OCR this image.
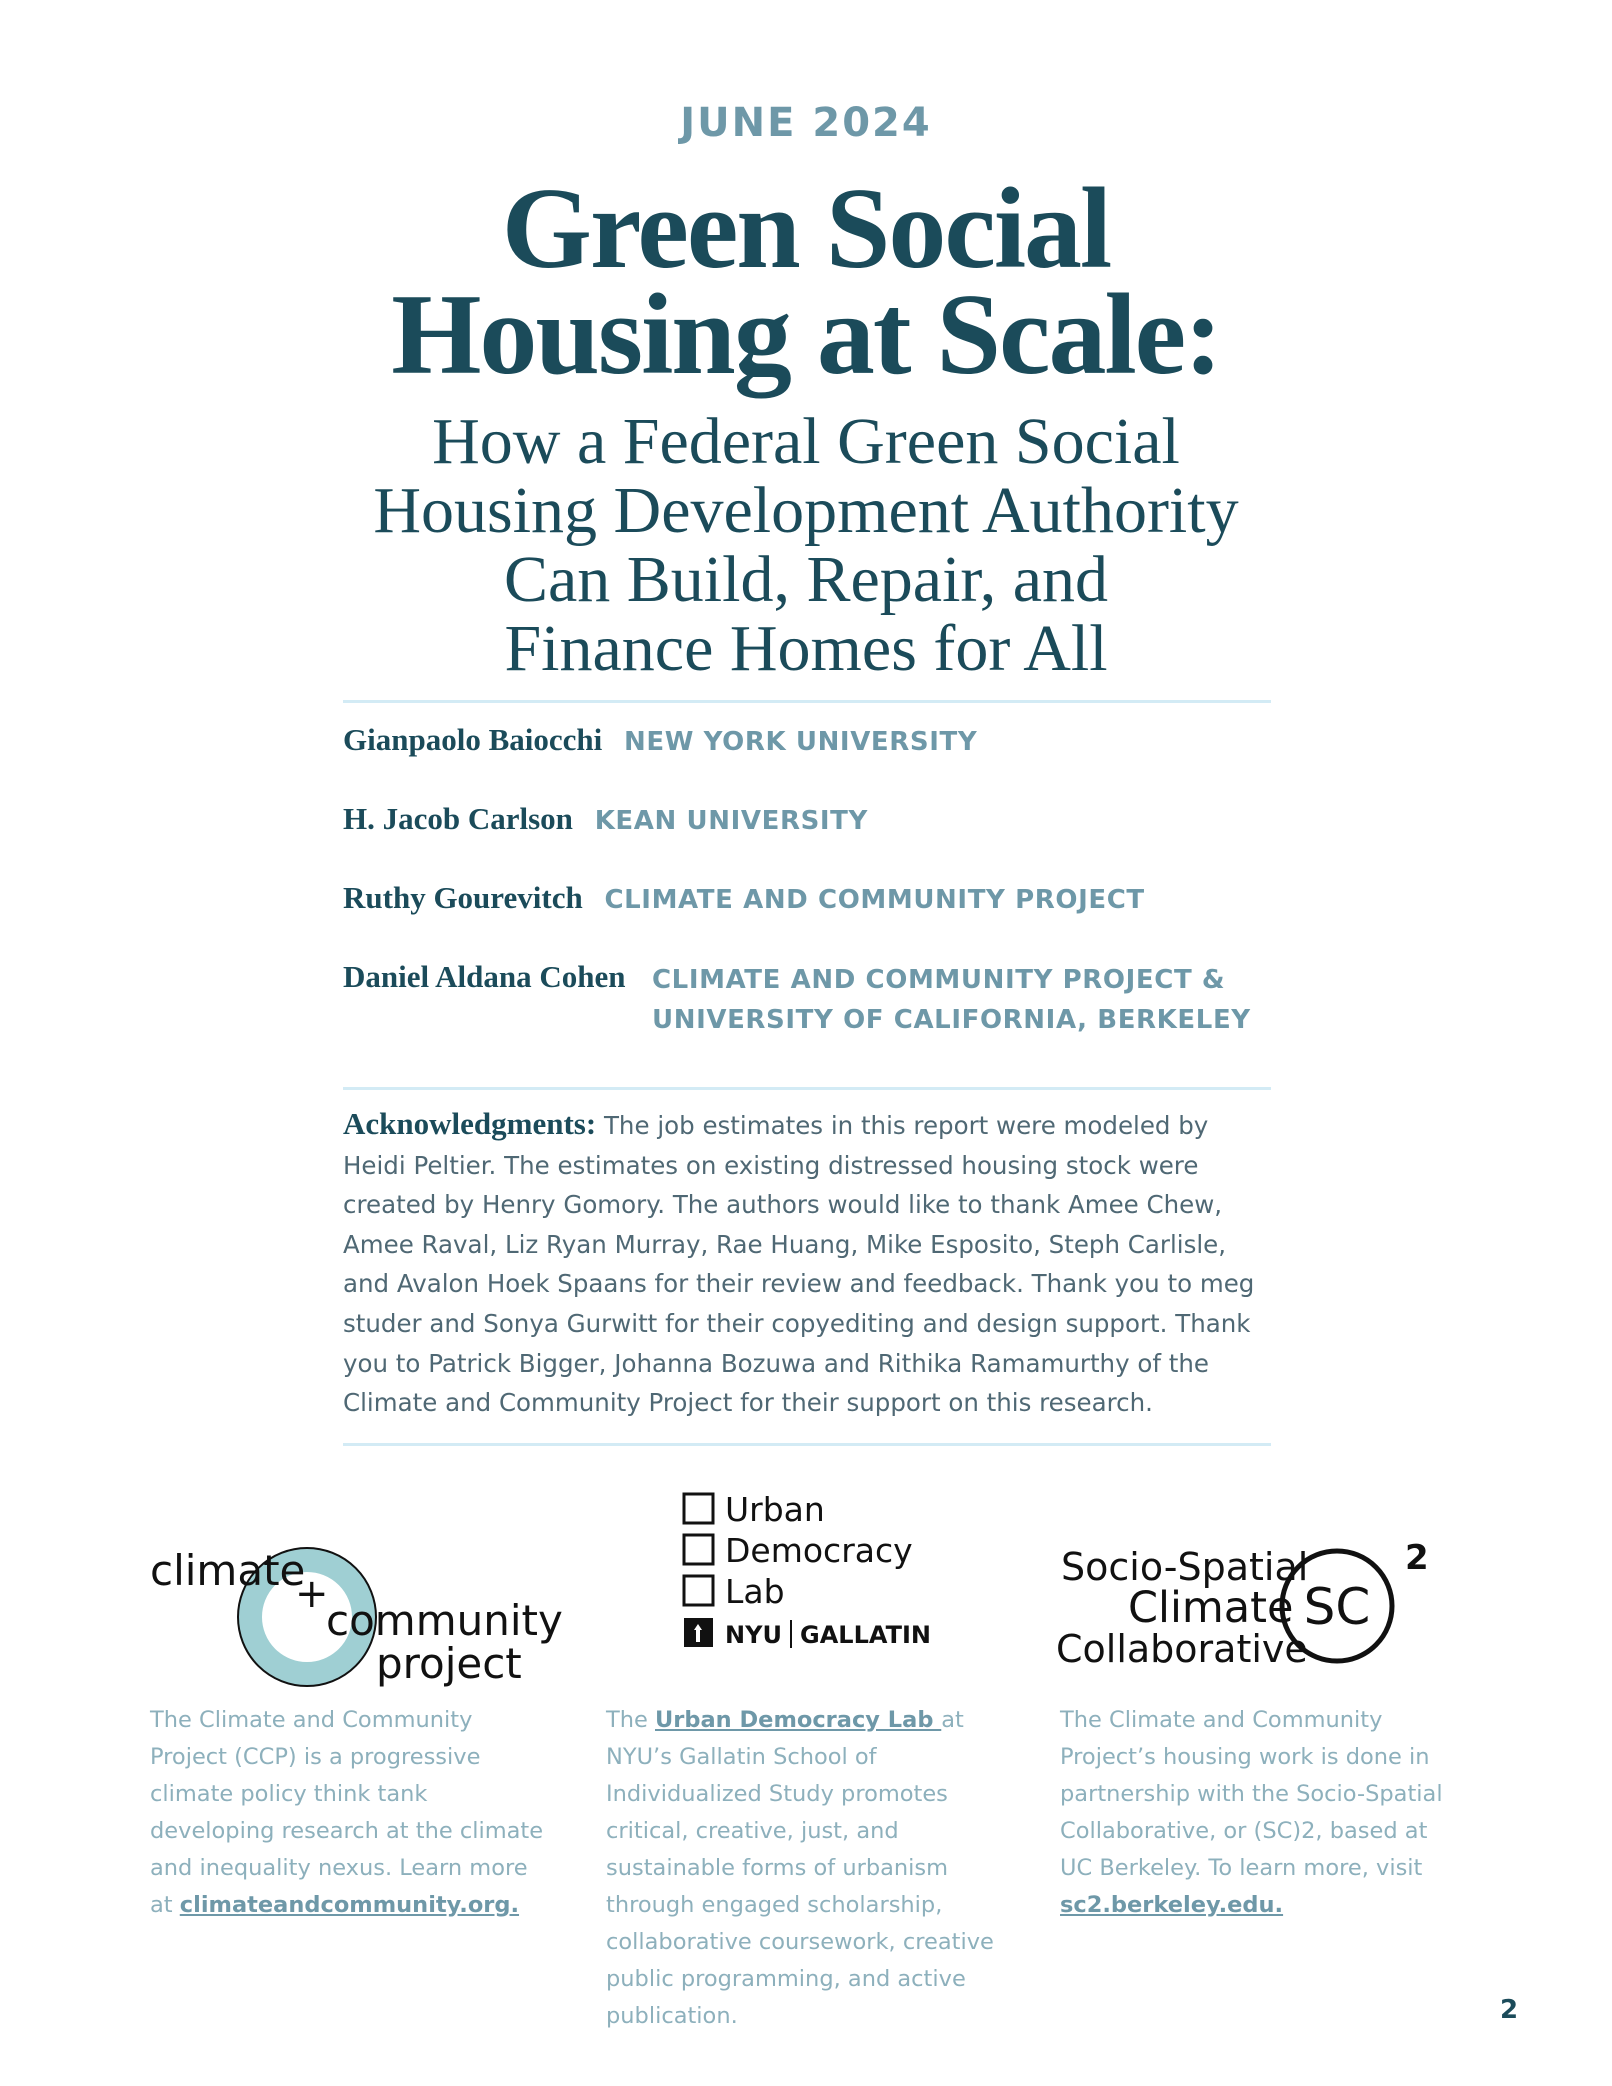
JUNE 2024
Green Social
Housing at Scale:
How a Federal Green Social
Housing Development Authority
Can Build, Repair, and
Finance Homes for All
Gianpaolo Baiocchi NEW YORK UNIVERSITY
H. Jacob Carlson KEAN UNIVERSITY
Ruthy Gourevitch CLIMATE AND COMMUNITY PROJECT
Daniel Aldana Cohen CLIMATE AND COMMUNITY PROJECT &
UNIVERSITY OF CALIFORNIA, BERKELEY
Acknowledgments: The job estimates in this report were modeled by Heidi Peltier. The estimates on existing distressed housing stock were created by Henry Gomory. The authors would like to thank Amee Chew, Amee Raval, Liz Ryan Murray, Rae Huang, Mike Esposito, Steph Carlisle, and Avalon Hoek Spaans for their review and feedback. Thank you to meg studer and Sonya Gurwitt for their copyediting and design support. Thank you to Patrick Bigger, Johanna Bozuwa and Rithika Ramamurthy of the Climate and Community Project for their support on this research.
climate
+
community
project
Urban
Democracy
Lab
NYU GALLATIN
Socio-Spatial
Climate
Collaborative
SC
2
The Climate and Community Project (CCP) is a progressive climate policy think tank developing research at the climate and inequality nexus. Learn more at climateandcommunity.org.
The Urban Democracy Lab at NYU’s Gallatin School of Individualized Study promotes critical, creative, just, and sustainable forms of urbanism through engaged scholarship, collaborative coursework, creative public programming, and active publication.
The Climate and Community Project’s housing work is done in partnership with the Socio-Spatial Collaborative, or (SC)2, based at UC Berkeley. To learn more, visit sc2.berkeley.edu.
2
